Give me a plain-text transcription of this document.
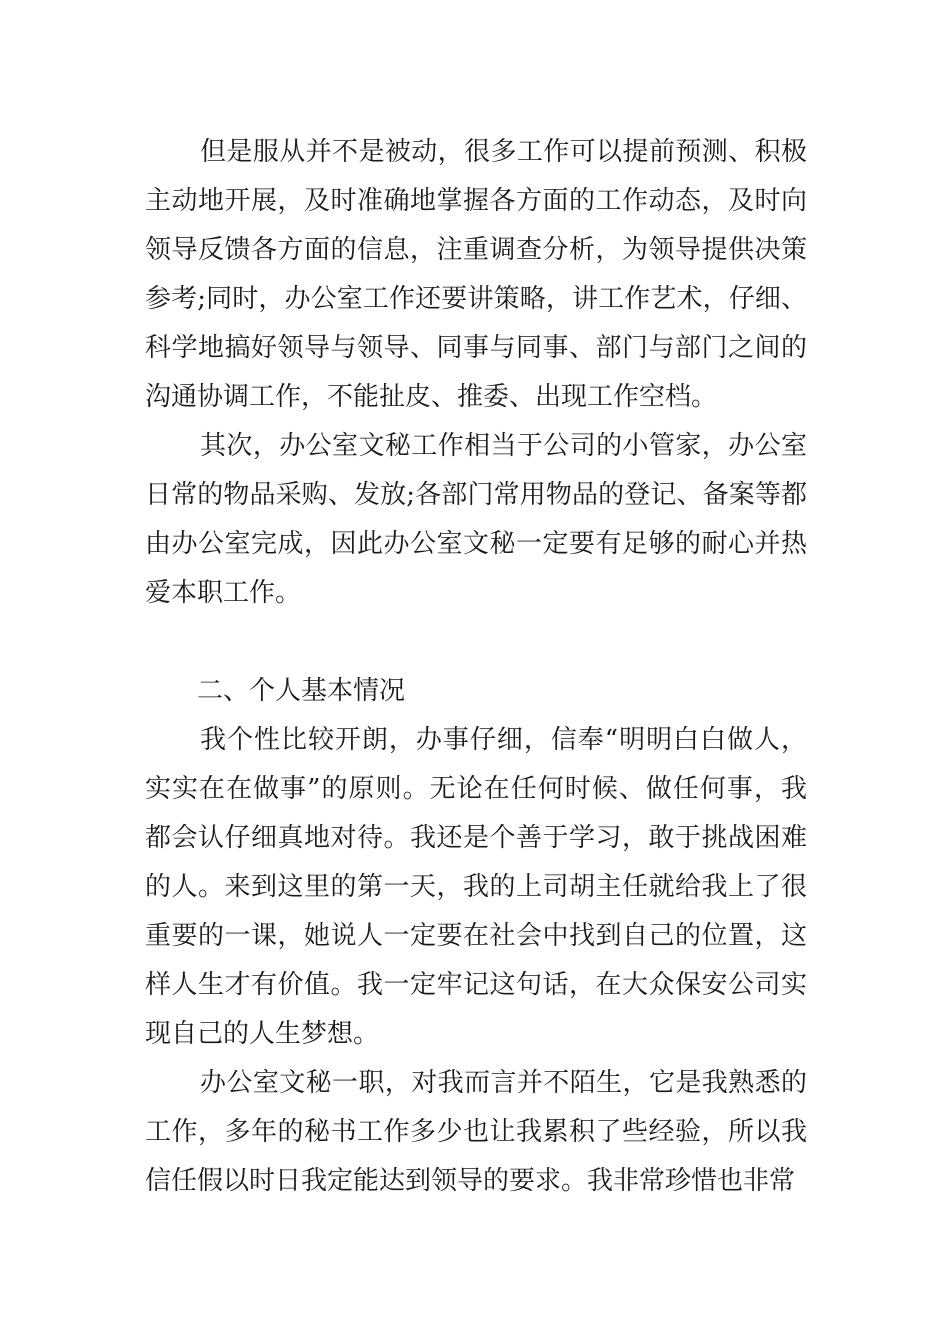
但是服从并不是被动，很多工作可以提前预测、积极主动地开展，及时准确地掌握各方面的工作动态，及时向领导反馈各方面的信息，注重调查分析，为领导提供决策参考;同时，办公室工作还要讲策略，讲工作艺术，仔细、科学地搞好领导与领导、同事与同事、部门与部门之间的沟通协调工作，不能扯皮、推委、出现工作空档。

其次，办公室文秘工作相当于公司的小管家，办公室日常的物品采购、发放;各部门常用物品的登记、备案等都由办公室完成，因此办公室文秘一定要有足够的耐心并热爱本职工作。

二、个人基本情况

我个性比较开朗，办事仔细，信奉“明明白白做人，实实在在做事”的原则。无论在任何时候、做任何事，我都会认仔细真地对待。我还是个善于学习，敢于挑战困难的人。来到这里的第一天，我的上司胡主任就给我上了很重要的一课，她说人一定要在社会中找到自己的位置，这样人生才有价值。我一定牢记这句话，在大众保安公司实现自己的人生梦想。

办公室文秘一职，对我而言并不陌生，它是我熟悉的工作，多年的秘书工作多少也让我累积了些经验，所以我信任假以时日我定能达到领导的要求。我非常珍惜也非常
